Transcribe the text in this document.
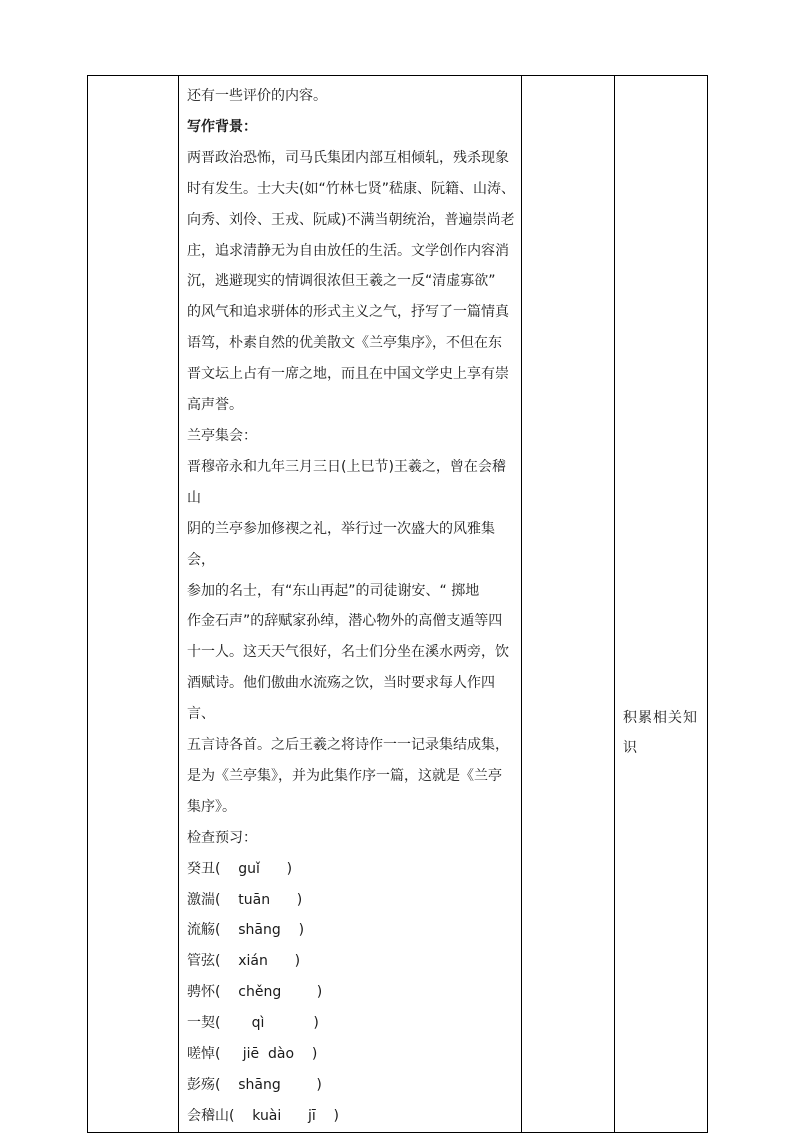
还有一些评价的内容。

写作背景：

两晋政治恐怖，司马氏集团内部互相倾轧，残杀现象

时有发生。士大夫(如“竹林七贤”嵇康、阮籍、山涛、

向秀、刘伶、王戎、阮咸)不满当朝统治，普遍崇尚老

庄，追求清静无为自由放任的生活。文学创作内容消

沉，逃避现实的情调很浓但王羲之一反“清虚寡欲”

的风气和追求骈体的形式主义之气，抒写了一篇情真

语笃，朴素自然的优美散文《兰亭集序》，不但在东

晋文坛上占有一席之地，而且在中国文学史上享有崇

高声誉。

兰亭集会：

晋穆帝永和九年三月三日(上巳节)王羲之，曾在会稽山

阴的兰亭参加修禊之礼，举行过一次盛大的风雅集会，

参加的名士，有“东山再起”的司徒谢安、“ 掷地

作金石声”的辞赋家孙绰，潜心物外的高僧支遁等四

十一人。这天天气很好，名士们分坐在溪水两旁，饮

酒赋诗。他们傲曲水流殇之饮，当时要求每人作四言、

五言诗各首。之后王羲之将诗作一一记录集结成集，

是为《兰亭集》，并为此集作序一篇，这就是《兰亭

集序》。

检查预习：

癸丑(    guǐ      )

激湍(    tuān      )

流觞(    shāng    )

管弦(    xián      )

骋怀(    chěng        )

一契(       qì           )

嗟悼(     jiē  dào    )

彭殇(    shāng        )

会稽山(    kuài      jī    )

积累相关知识
